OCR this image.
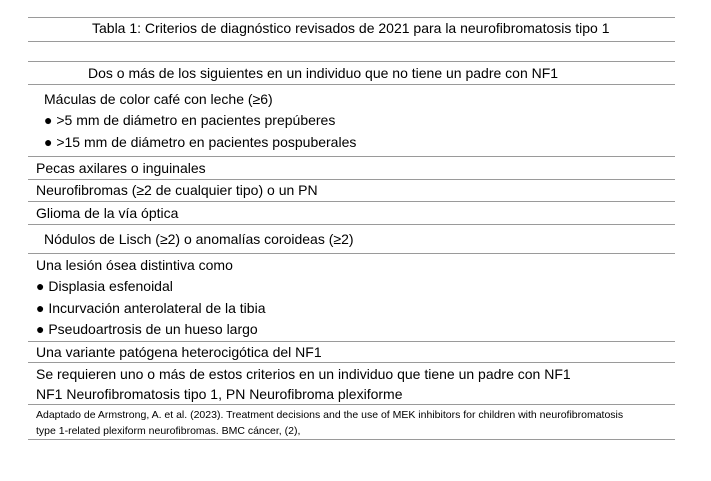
Tabla 1: Criterios de diagnóstico revisados de 2021 para la neurofibromatosis tipo 1
Dos o más de los siguientes en un individuo que no tiene un padre con NF1
Máculas de color café con leche (≥6)
● >5 mm de diámetro en pacientes prepúberes
● >15 mm de diámetro en pacientes pospuberales
Pecas axilares o inguinales
Neurofibromas (≥2 de cualquier tipo) o un PN
Glioma de la vía óptica
Nódulos de Lisch (≥2) o anomalías coroideas (≥2)
Una lesión ósea distintiva como
● Displasia esfenoidal
● Incurvación anterolateral de la tibia
● Pseudoartrosis de un hueso largo
Una variante patógena heterocigótica del NF1
Se requieren uno o más de estos criterios en un individuo que tiene un padre con NF1
NF1 Neurofibromatosis tipo 1, PN Neurofibroma plexiforme
Adaptado de Armstrong, A. et al. (2023). Treatment decisions and the use of MEK inhibitors for children with neurofibromatosis
type 1-related plexiform neurofibromas. BMC cáncer, (2),
